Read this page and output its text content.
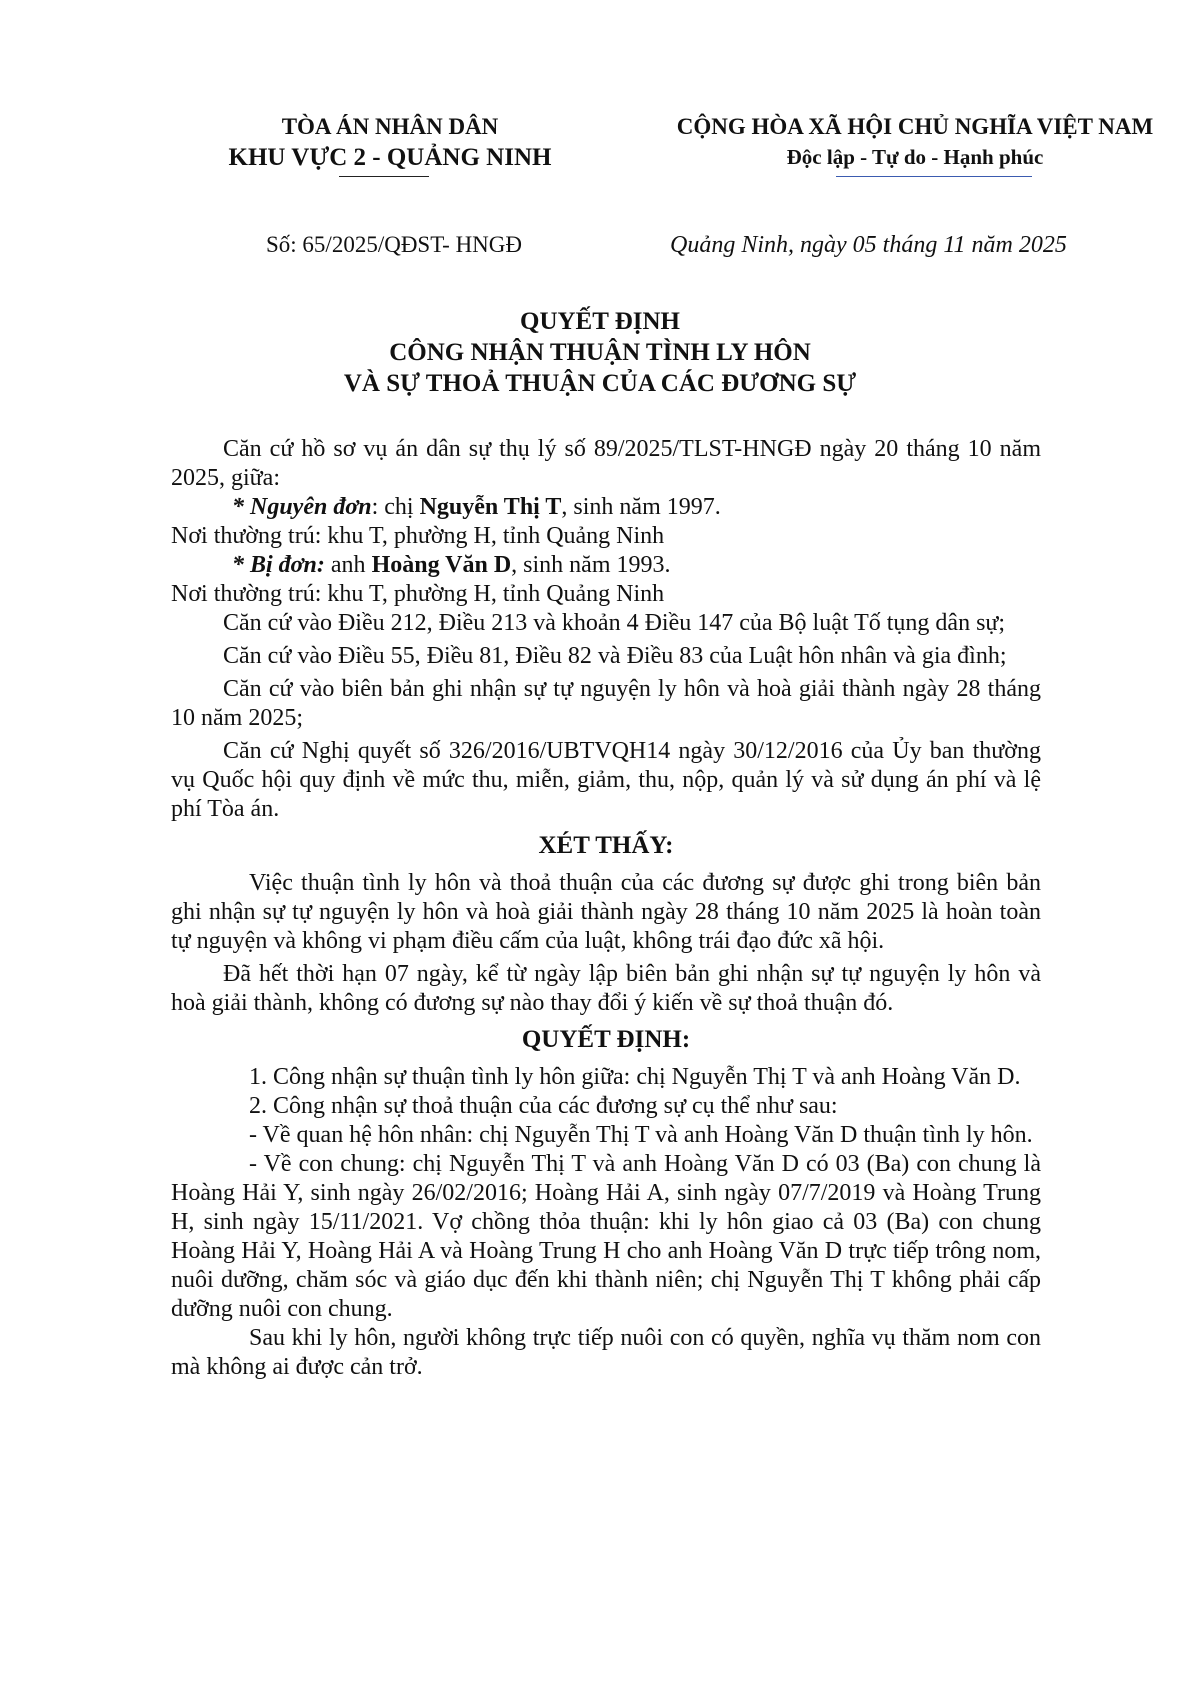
TÒA ÁN NHÂN DÂN
KHU VỰC 2 - QUẢNG NINH
CỘNG HÒA XÃ HỘI CHỦ NGHĨA VIỆT NAM
Độc lập - Tự do - Hạnh phúc
Số: 65/2025/QĐST- HNGĐ	Quảng Ninh, ngày 05 tháng 11 năm 2025
QUYẾT ĐỊNH
CÔNG NHẬN THUẬN TÌNH LY HÔN
VÀ SỰ THOẢ THUẬN CỦA CÁC ĐƯƠNG SỰ

Căn cứ hồ sơ vụ án dân sự thụ lý số 89/2025/TLST-HNGĐ ngày 20 tháng 10 năm 2025, giữa:

* Nguyên đơn: chị Nguyễn Thị T, sinh năm 1997.

Nơi thường trú: khu T, phường H, tỉnh Quảng Ninh

* Bị đơn: anh Hoàng Văn D, sinh năm 1993.

Nơi thường trú: khu T, phường H, tỉnh Quảng Ninh

Căn cứ vào Điều 212, Điều 213 và khoản 4 Điều 147 của Bộ luật Tố tụng dân sự;

Căn cứ vào Điều 55, Điều 81, Điều 82 và Điều 83 của Luật hôn nhân và gia đình;

Căn cứ vào biên bản ghi nhận sự tự nguyện ly hôn và hoà giải thành ngày 28 tháng 10 năm 2025;

Căn cứ Nghị quyết số 326/2016/UBTVQH14 ngày 30/12/2016 của Ủy ban thường vụ Quốc hội quy định về mức thu, miễn, giảm, thu, nộp, quản lý và sử dụng án phí và lệ phí Tòa án.

XÉT THẤY:

Việc thuận tình ly hôn và thoả thuận của các đương sự được ghi trong biên bản ghi nhận sự tự nguyện ly hôn và hoà giải thành ngày 28 tháng 10 năm 2025 là hoàn toàn tự nguyện và không vi phạm điều cấm của luật, không trái đạo đức xã hội.

Đã hết thời hạn 07 ngày, kể từ ngày lập biên bản ghi nhận sự tự nguyện ly hôn và hoà giải thành, không có đương sự nào thay đổi ý kiến về sự thoả thuận đó.

QUYẾT ĐỊNH:

1. Công nhận sự thuận tình ly hôn giữa: chị Nguyễn Thị T và anh Hoàng Văn D.

2. Công nhận sự thoả thuận của các đương sự cụ thể như sau:

- Về quan hệ hôn nhân: chị Nguyễn Thị T và anh Hoàng Văn D thuận tình ly hôn.

- Về con chung: chị Nguyễn Thị T và anh Hoàng Văn D có 03 (Ba) con chung là Hoàng Hải Y, sinh ngày 26/02/2016; Hoàng Hải A, sinh ngày 07/7/2019 và Hoàng Trung H, sinh ngày 15/11/2021. Vợ chồng thỏa thuận: khi ly hôn giao cả 03 (Ba) con chung Hoàng Hải Y, Hoàng Hải A và Hoàng Trung H cho anh Hoàng Văn D trực tiếp trông nom, nuôi dưỡng, chăm sóc và giáo dục đến khi thành niên; chị Nguyễn Thị T không phải cấp dưỡng nuôi con chung.

Sau khi ly hôn, người không trực tiếp nuôi con có quyền, nghĩa vụ thăm nom con mà không ai được cản trở.
